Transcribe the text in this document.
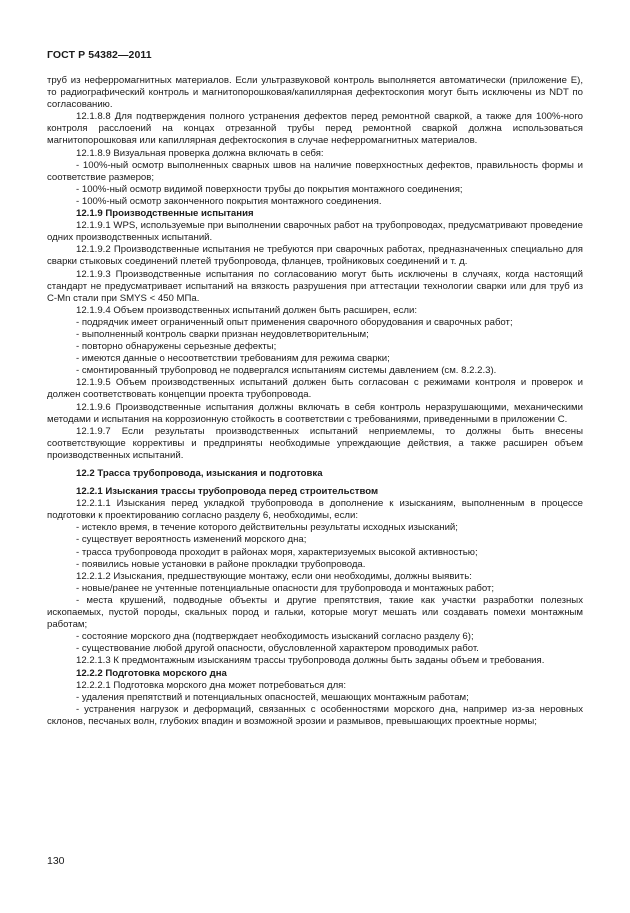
ГОСТ Р 54382—2011

труб из неферромагнитных материалов. Если ультразвуковой контроль выполняется автоматически (приложение Е), то радиографический контроль и магнитопорошковая/капиллярная дефектоскопия могут быть исключены из NDT по согласованию.

12.1.8.8 Для подтверждения полного устранения дефектов перед ремонтной сваркой, а также для 100%-ного контроля расслоений на концах отрезанной трубы перед ремонтной сваркой должна использоваться магнитопорошковая или капиллярная дефектоскопия в случае неферромагнитных материалов.

12.1.8.9 Визуальная проверка должна включать в себя:

- 100%-ный осмотр выполненных сварных швов на наличие поверхностных дефектов, правильность формы и соответствие размеров;

- 100%-ный осмотр видимой поверхности трубы до покрытия монтажного соединения;

- 100%-ный осмотр законченного покрытия монтажного соединения.

12.1.9 Производственные испытания

12.1.9.1 WPS, используемые при выполнении сварочных работ на трубопроводах, предусматривают проведение одних производственных испытаний.

12.1.9.2 Производственные испытания не требуются при сварочных работах, предназначенных специально для сварки стыковых соединений плетей трубопровода, фланцев, тройниковых соединений и т. д.

12.1.9.3 Производственные испытания по согласованию могут быть исключены в случаях, когда настоящий стандарт не предусматривает испытаний на вязкость разрушения при аттестации технологии сварки или для труб из C-Mn стали при SMYS < 450 МПа.

12.1.9.4 Объем производственных испытаний должен быть расширен, если:

- подрядчик имеет ограниченный опыт применения сварочного оборудования и сварочных работ;

- выполненный контроль сварки признан неудовлетворительным;

- повторно обнаружены серьезные дефекты;

- имеются данные о несоответствии требованиям для режима сварки;

- смонтированный трубопровод не подвергался испытаниям системы давлением (см. 8.2.2.3).

12.1.9.5 Объем производственных испытаний должен быть согласован с режимами контроля и проверок и должен соответствовать концепции проекта трубопровода.

12.1.9.6 Производственные испытания должны включать в себя контроль неразрушающими, механическими методами и испытания на коррозионную стойкость в соответствии с требованиями, приведенными в приложении С.

12.1.9.7 Если результаты производственных испытаний неприемлемы, то должны быть внесены соответствующие коррективы и предприняты необходимые упреждающие действия, а также расширен объем производственных испытаний.

12.2 Трасса трубопровода, изыскания и подготовка

12.2.1 Изыскания трассы трубопровода перед строительством

12.2.1.1 Изыскания перед укладкой трубопровода в дополнение к изысканиям, выполненным в процессе подготовки к проектированию согласно разделу 6, необходимы, если:

- истекло время, в течение которого действительны результаты исходных изысканий;

- существует вероятность изменений морского дна;

- трасса трубопровода проходит в районах моря, характеризуемых высокой активностью;

- появились новые установки в районе прокладки трубопровода.

12.2.1.2 Изыскания, предшествующие монтажу, если они необходимы, должны выявить:

- новые/ранее не учтенные потенциальные опасности для трубопровода и монтажных работ;

- места крушений, подводные объекты и другие препятствия, такие как участки разработки полезных ископаемых, пустой породы, скальных пород и гальки, которые могут мешать или создавать помехи монтажным работам;

- состояние морского дна (подтверждает необходимость изысканий согласно разделу 6);

- существование любой другой опасности, обусловленной характером проводимых работ.

12.2.1.3 К предмонтажным изысканиям трассы трубопровода должны быть заданы объем и требования.

12.2.2 Подготовка морского дна

12.2.2.1 Подготовка морского дна может потребоваться для:

- удаления препятствий и потенциальных опасностей, мешающих монтажным работам;

- устранения нагрузок и деформаций, связанных с особенностями морского дна, например из-за неровных склонов, песчаных волн, глубоких впадин и возможной эрозии и размывов, превышающих проектные нормы;

130
